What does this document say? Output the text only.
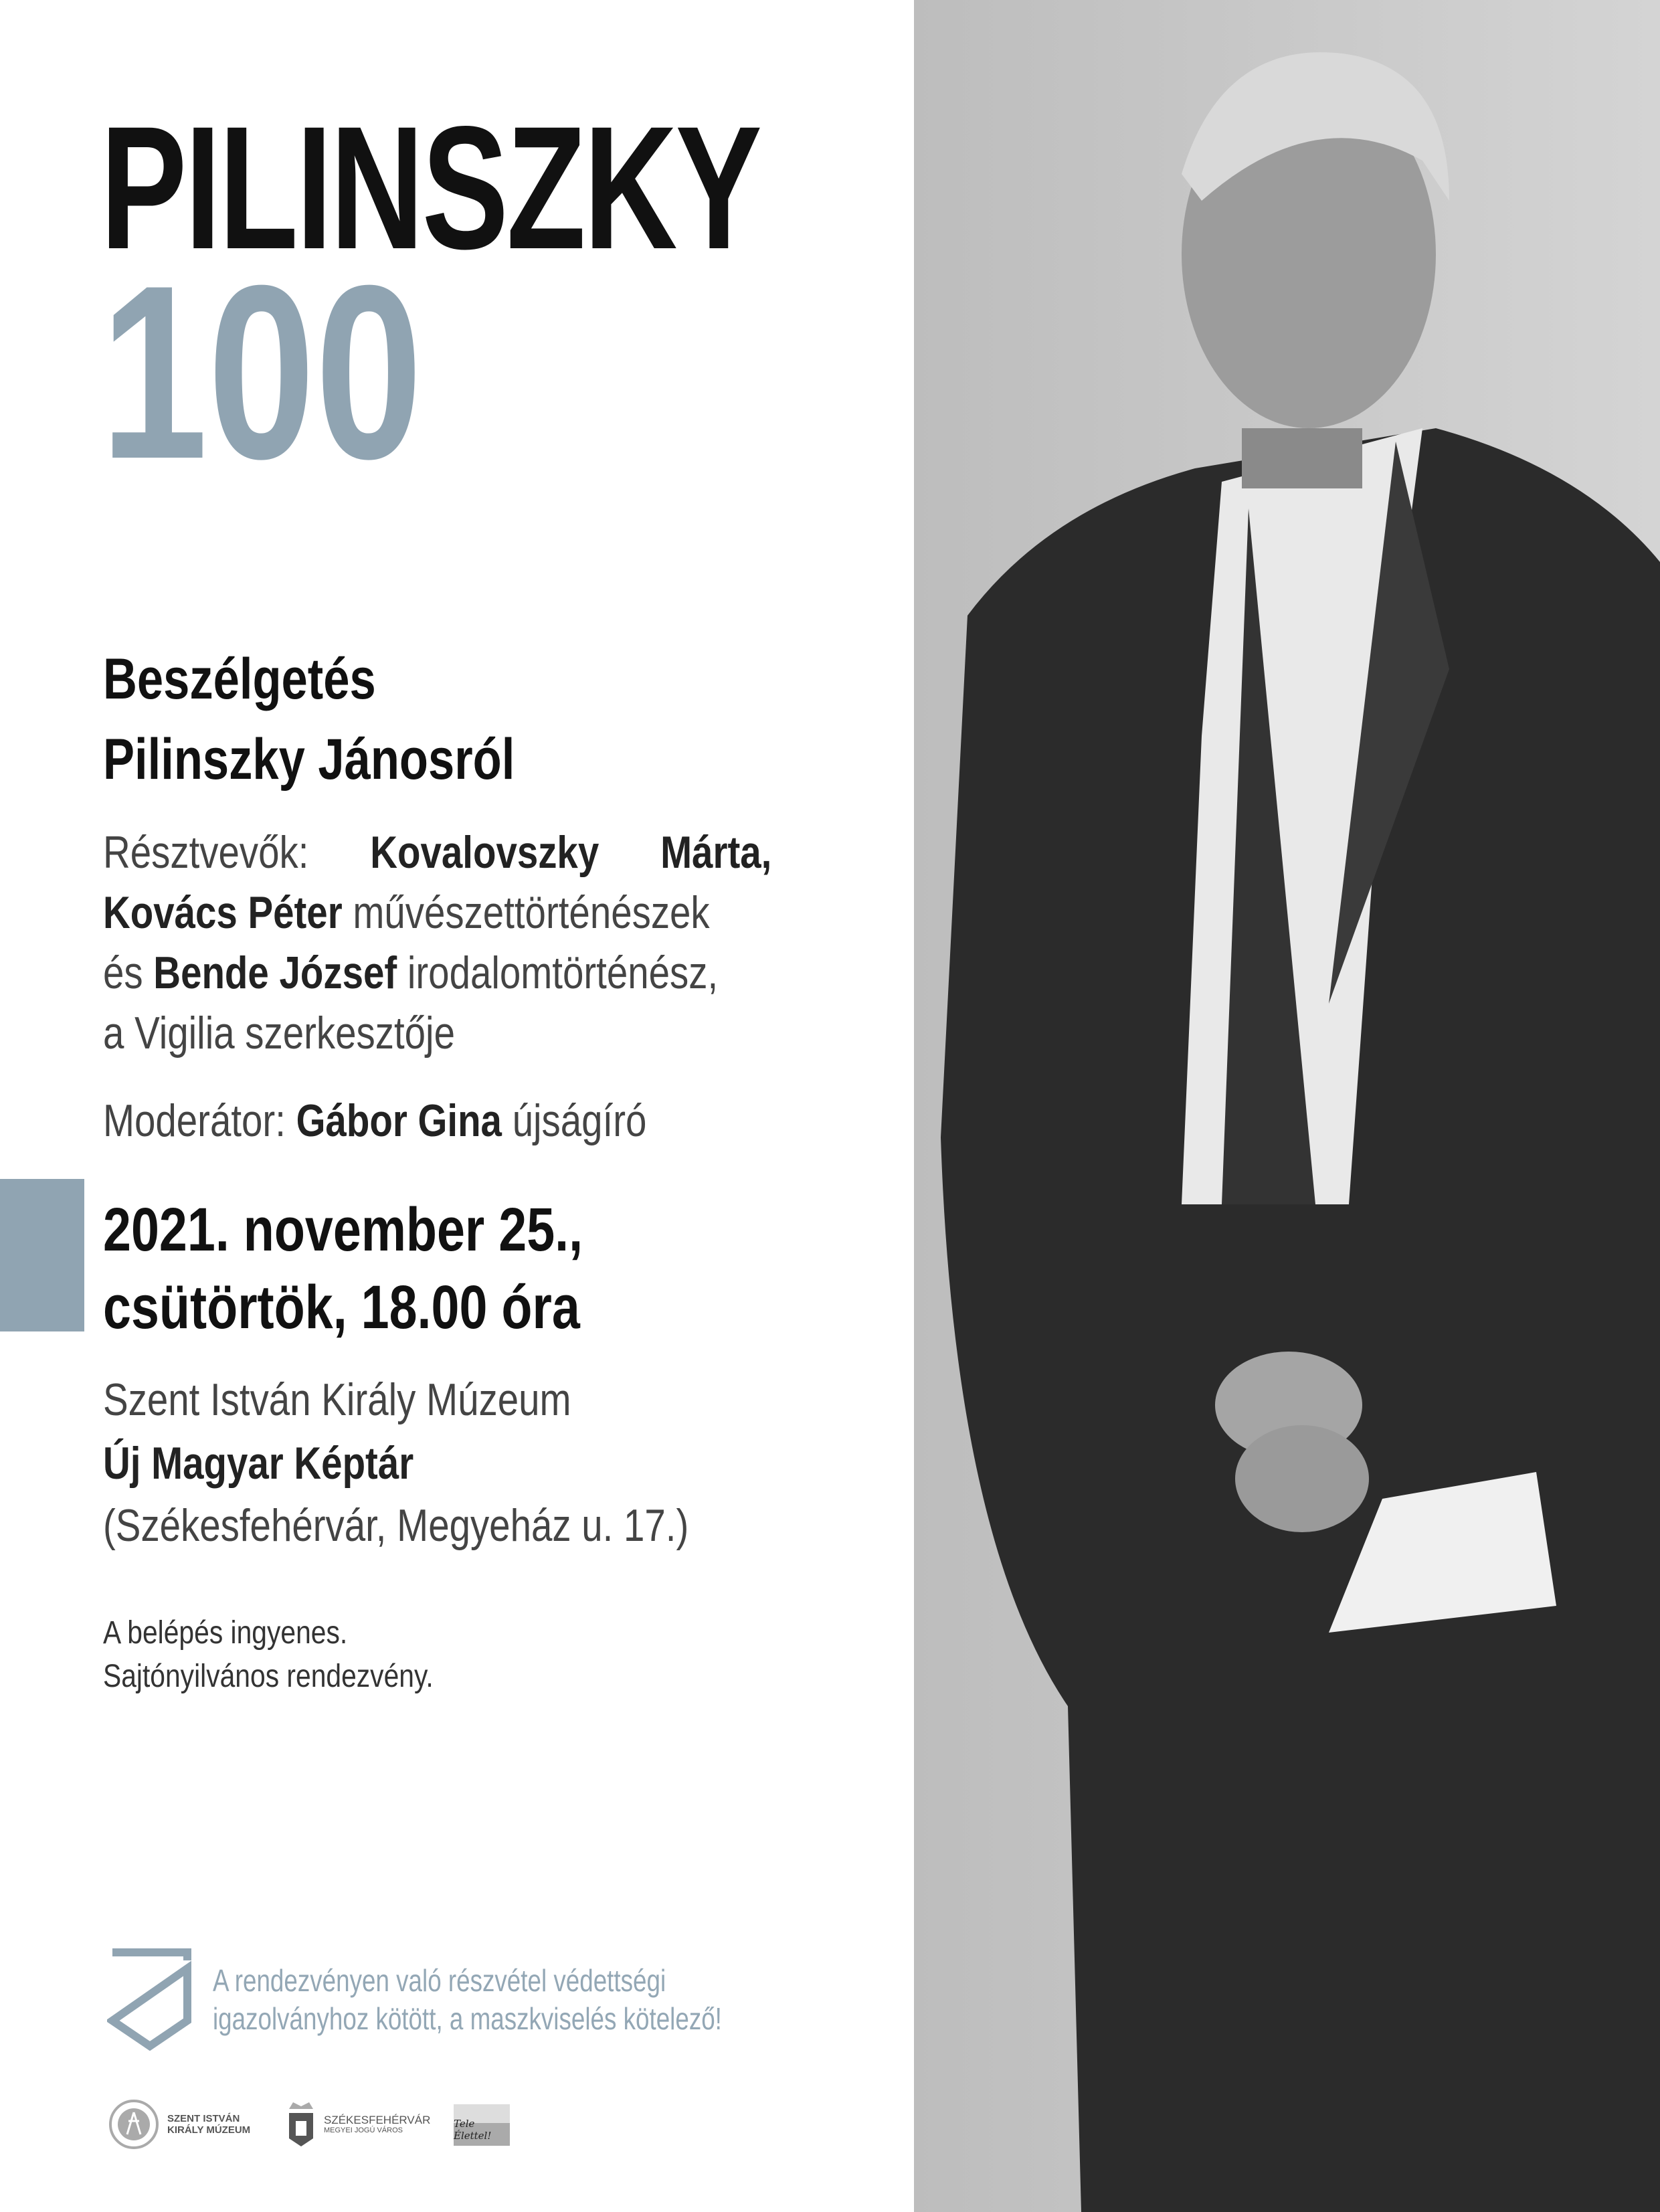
PILINSZKY
100
Beszélgetés
Pilinszky Jánosról
Résztvevők: Kovalovszky Márta,
Kovács Péter művészettörténészek
és Bende József irodalomtörténész,
a Vigilia szerkesztője
Moderátor: Gábor Gina újságíró
2021. november 25.,
csütörtök, 18.00 óra
Szent István Király Múzeum
Új Magyar Képtár
(Székesfehérvár, Megyeház u. 17.)
A belépés ingyenes.
Sajtónyilvános rendezvény.
A rendezvényen való részvétel védettségi
igazolványhoz kötött, a maszkviselés kötelező!
SZENT ISTVÁN
KIRÁLY MÚZEUM
SZÉKESFEHÉRVÁR
MEGYEI JOGÚ VÁROS
Tele Élettel!
